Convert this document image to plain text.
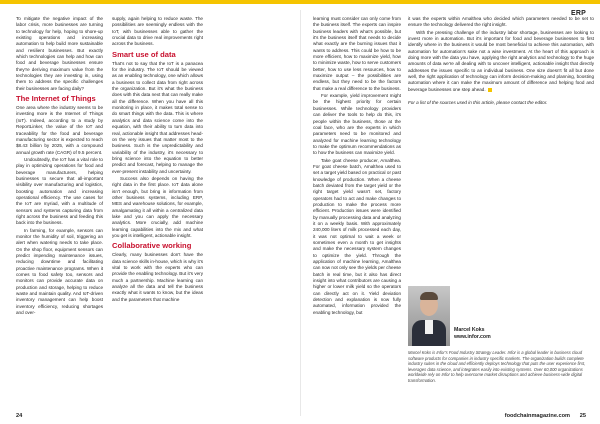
ERP

To mitigate the negative impact of the labor crisis, more businesses are turning to technology for help, hoping to shore-up existing operations and increasing automation to help build more sustainable and resilient businesses. But exactly which technologies can help and how can food and beverage businesses ensure they're deriving maximum value from the technologies they are investing in, using them to address the specific challenges their businesses are facing daily?

The Internet of Things

One area where the industry seems to be investing more is the Internet of Things (IoT). Indeed, according to a study by ReportLinker, the value of the IoT and traceability for the food and beverage manufacturing sector is expected to reach $8.43 billion by 2025, with a compound annual growth rate (CAGR) of 9.5 percent.

Undoubtedly, the IoT has a vital role to play in optimizing operations for food and beverage manufacturers, helping businesses to secure that all-important visibility over manufacturing and logistics, boosting automation and increasing operational efficiency. The use cases for the IoT are myriad, with a multitude of sensors and systems capturing data from right across the business and feeding this back into the business.

In farming, for example, sensors can monitor the humidity of soil, triggering an alert when watering needs to take place. On the shop floor, equipment sensors can predict impending maintenance issues, reducing downtime and facilitating proactive maintenance programs. When it comes to food safety too, sensors and monitors can provide accurate data on production and storage, helping to reduce waste and maintain quality. And IoT-driven inventory management can help boost inventory efficiency, reducing shortages and over-

supply, again helping to reduce waste. The possibilities are seemingly endless with the IoT, with businesses able to gather the crucial data to drive real improvements right across the business.

Smart use of data

That's not to say that the IoT is a panacea for the industry. The IoT should be viewed as an enabling technology, one which allows a business to collect data from right across the organization. But it's what the business does with this data next that can really make all the difference. When you have all this monitoring in place, it makes total sense to do smart things with the data. This is where analytics and data science come into the equation, with their ability to turn data into real, actionable insight that addresses head-on the very issues that matter most to the business. Such is the unpredictability and variability of the industry, it's necessary to bring science into the equation to better predict and forecast, helping to manage the ever-present instability and uncertainty.

Success also depends on having the right data in the first place. IoT data alone isn't enough, but bring in information from other business systems, including ERP, MES and warehouse solutions, for example, amalgamating it all within a centralized data lake and you can apply the necessary analytics. More crucially, add machine learning capabilities into the mix and what you get is intelligent, actionable insight.

Collaborative working

Clearly, many businesses don't have the data science skills in-house, which is why it's vital to work with the experts who can provide the enabling technology. But it's very much a partnership. Machine learning can analyze all the data and tell the business exactly what it wants to know, but the ideas and the parameters that machine

learning must consider can only come from the business itself. The experts can inspire business leaders with what's possible, but it's the business itself that needs to decide what exactly are the burning issues that it wants to address. This could be how to be more efficient, how to maximize yield, how to minimize waste, how to serve customers better, how to use less resources, how to maximize output – the possibilities are endless, but they need to be the factors that make a real difference to the business.

For example, yield improvement might be the highest priority for certain businesses. While technology providers can deliver the tools to help do this, it's people within the business, those at the coal face, who are the experts in which parameters need to be monitored and analyzed for machine learning technology to make the optimum recommendations as to how the business can maximize yield.

Take goat cheese producer, Amalthea. For goat cheese batch, Amalthea used to set a target yield based on practical or past knowledge of production. When a cheese batch deviated from the target yield or the right target yield wasn't set, factory operators had to act and make changes to production to make the process more efficient. Production issues were identified by manually processing data and analyzing it on a weekly basis. With approximately 240,000 liters of milk processed each day, it was not optimal to wait a week or sometimes even a month to get insights and make the necessary system changes to optimize the yield. Through the application of machine learning, Amalthea can now not only see the yields per cheese batch in real time, but it also has direct insight into what contributors are causing a higher or lower milk yield so the operators can directly act on it. Yield deviation detection and explanation is now fully automated, information provided the enabling technology, but

it was the experts within Amalthea who decided which parameters needed to be set to ensure the technology delivered the right insight.

With the pressing challenge of the industry labor shortage, businesses are looking to invest more in automation. But it's important for food and beverage businesses to first identify where in the business it would be most beneficial to achieve this automation, with automation for automation's sake not a wise investment. At the heart of this approach is doing more with the data you have, applying the right analytics and technology to the huge amounts of data we're all dealing with to uncover intelligent, actionable insight that directly addresses the issues specific to an individual business. One size doesn't fit all but done well, the right application of technology can inform decision-making and planning, boosting automation where it can make the maximum amount of difference and helping food and beverage businesses one step ahead.

For a list of the sources used in this article, please contact the editor.

Marcel Koks
www.infor.com
Marcel Koks is Infor's Food Industry Strategy Leader. Infor is a global leader in business cloud software products for companies in industry specific markets. The organization builds complete industry suites in the cloud and efficiently deploys technology that puts the user experience first, leverages data science, and integrates easily into existing systems. Over 60,000 organizations worldwide rely on Infor to help overcome market disruptions and achieve business-wide digital transformation.
24	foodchainmagazine.com 25
